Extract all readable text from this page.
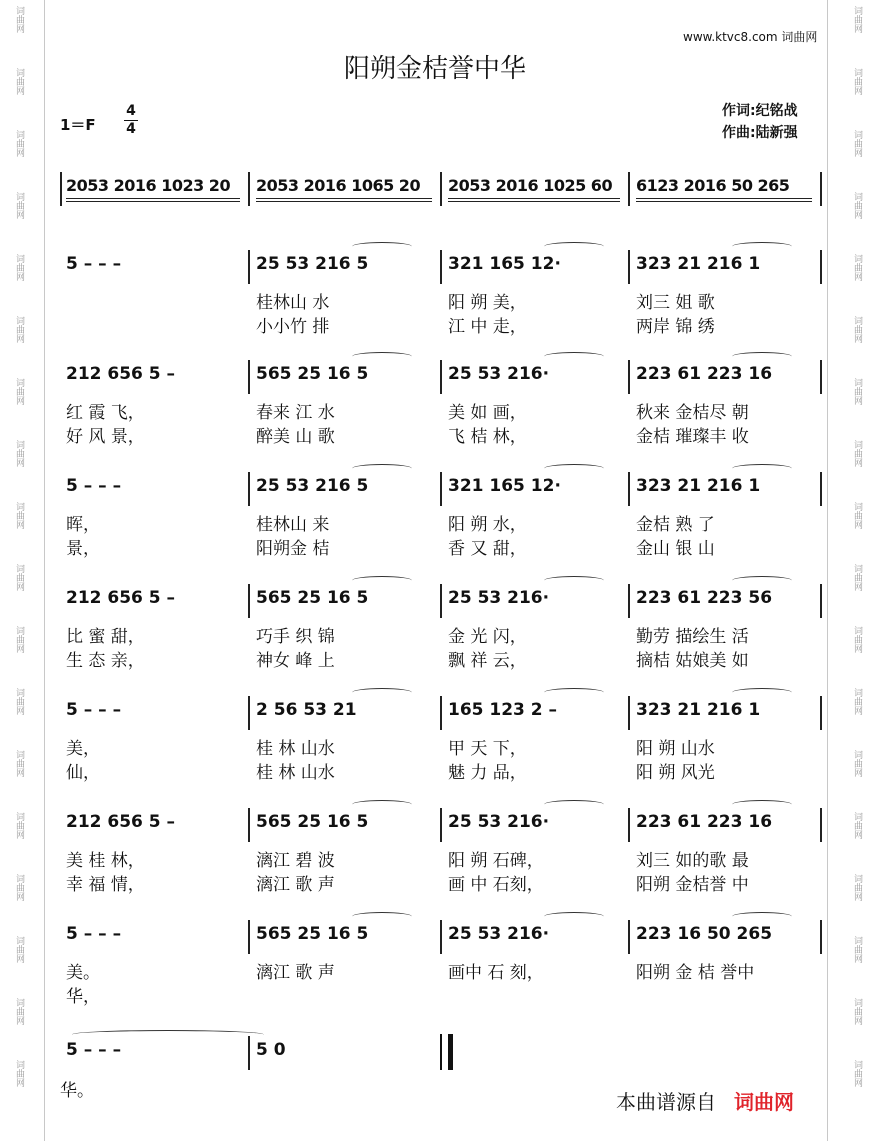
词曲网	词曲网
词曲网	词曲网
词曲网	词曲网
词曲网	词曲网
词曲网	词曲网
词曲网	词曲网
词曲网	词曲网
词曲网	词曲网
词曲网	词曲网
词曲网	词曲网
词曲网	词曲网
词曲网	词曲网
词曲网	词曲网
词曲网	词曲网
词曲网	词曲网
词曲网	词曲网
词曲网	词曲网
词曲网	词曲网
www.ktvc8.com 词曲网
阳朔金桔誉中华
1＝F
4
4
作词:纪铭战
作曲:陆新强
2053 2016 1023 20 2053 2016 1065 20 2053 2016 1025 60 6123 2016 50 265
5 – – –	25 53 216 5
桂林山 水
小小竹 排
321 165 12·
阳 朔 美，
江 中 走，
323 21 216 1
刘三 姐 歌
两岸 锦 绣
212 656 5 –
红 霞 飞，
好 风 景，
565 25 16 5
春来 江 水
醉美 山 歌
25 53 216·
美 如 画，
飞 桔 林，
223 61 223 16
秋来 金桔尽 朝
金桔 璀璨丰 收
5 – – –
晖，
景，
25 53 216 5
桂林山 来
阳朔金 桔
321 165 12·
阳 朔 水，
香 又 甜，
323 21 216 1
金桔 熟 了
金山 银 山
212 656 5 –
比 蜜 甜，
生 态 亲，
565 25 16 5
巧手 织 锦
神女 峰 上
25 53 216·
金 光 闪，
飘 祥 云，
223 61 223 56
勤劳 描绘生 活
摘桔 姑娘美 如
5 – – –
美，
仙，
2 56 53 21
桂 林 山水
桂 林 山水
165 123 2 –
甲 天 下，
魅 力 品，
323 21 216 1
阳 朔 山水
阳 朔 风光
212 656 5 –
美 桂 林，
幸 福 情，
565 25 16 5
漓江 碧 波
漓江 歌 声
25 53 216·
阳 朔 石碑，
画 中 石刻，
223 61 223 16
刘三 如的歌 最
阳朔 金桔誉 中
5 – – –
美。
华，
565 25 16 5
漓江 歌 声
25 53 216·
画中 石 刻，
223 16 50 265
阳朔 金 桔 誉中
5 – – –	5 0
华。	本曲谱源自 词曲网
